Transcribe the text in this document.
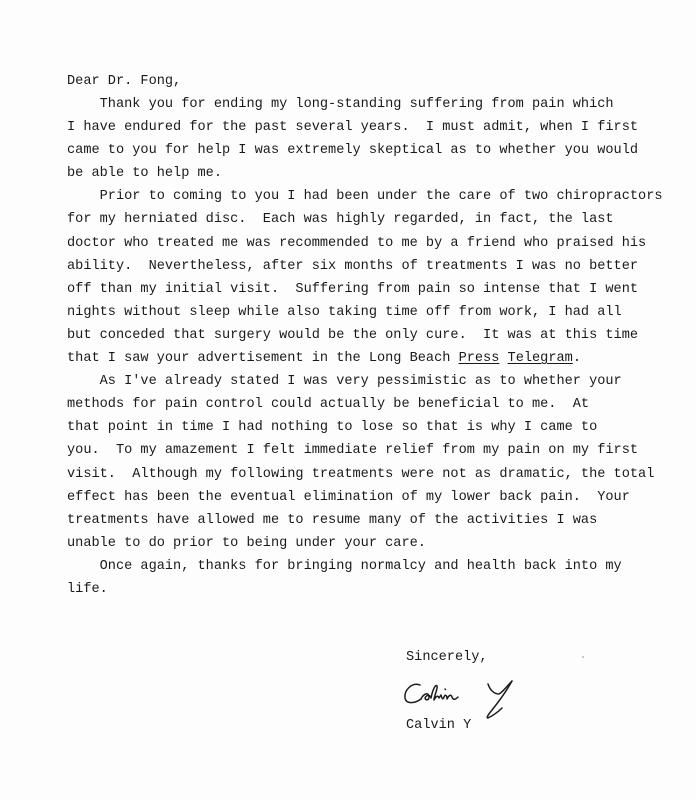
Dear Dr. Fong,
Thank you for ending my long-standing suffering from pain which
I have endured for the past several years.  I must admit, when I first
came to you for help I was extremely skeptical as to whether you would
be able to help me.
Prior to coming to you I had been under the care of two chiropractors
for my herniated disc.  Each was highly regarded, in fact, the last
doctor who treated me was recommended to me by a friend who praised his
ability.  Nevertheless, after six months of treatments I was no better
off than my initial visit.  Suffering from pain so intense that I went
nights without sleep while also taking time off from work, I had all
but conceded that surgery would be the only cure.  It was at this time
that I saw your advertisement in the Long Beach Press Telegram.
As I've already stated I was very pessimistic as to whether your
methods for pain control could actually be beneficial to me.  At
that point in time I had nothing to lose so that is why I came to
you.  To my amazement I felt immediate relief from my pain on my first
visit.  Although my following treatments were not as dramatic, the total
effect has been the eventual elimination of my lower back pain.  Your
treatments have allowed me to resume many of the activities I was
unable to do prior to being under your care.
Once again, thanks for bringing normalcy and health back into my
life.
Sincerely,
Calvin Y
